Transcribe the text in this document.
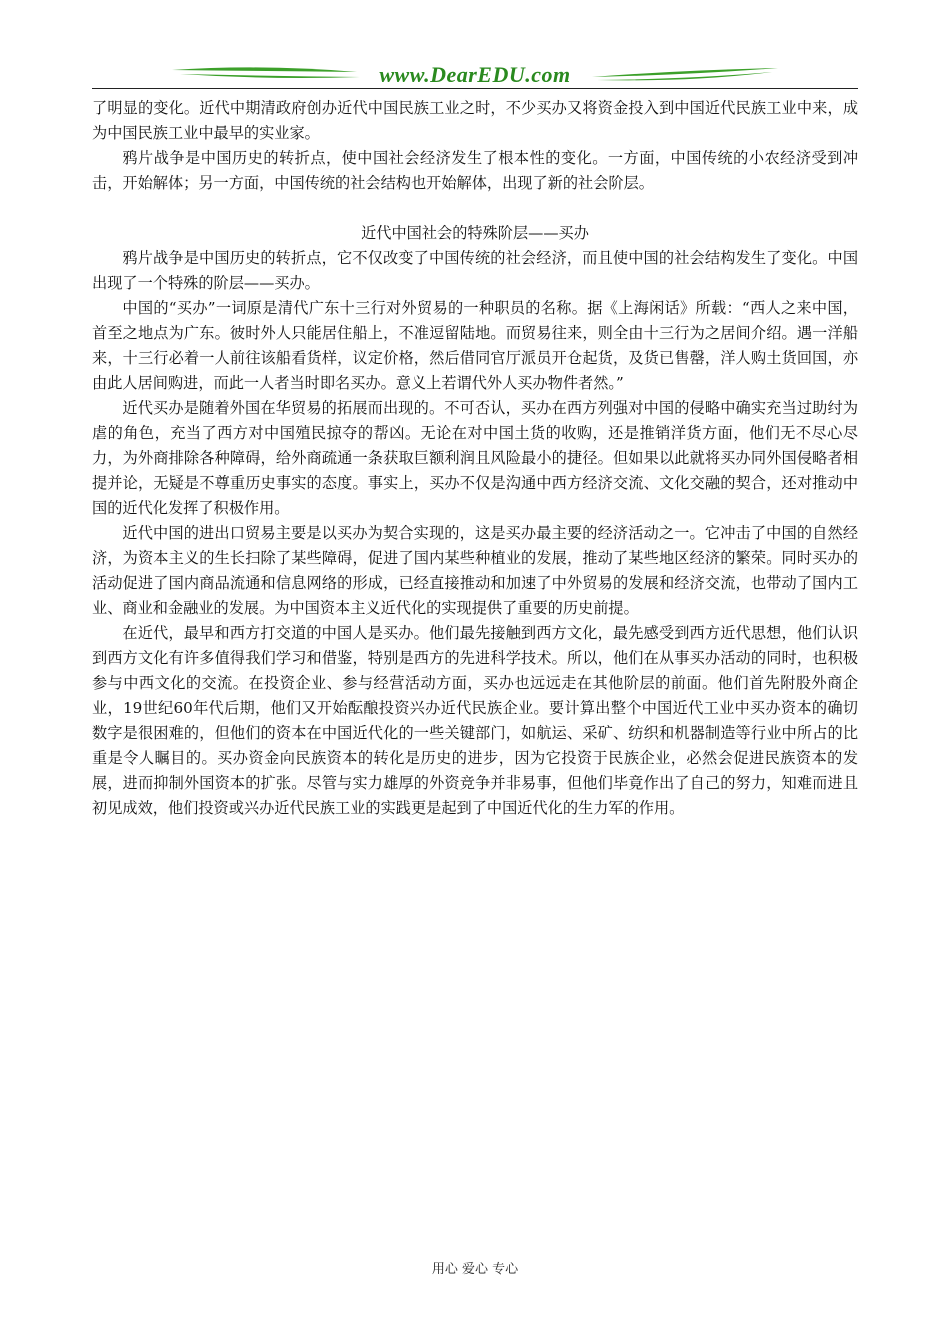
www.DearEDU.com

了明显的变化。近代中期清政府创办近代中国民族工业之时，不少买办又将资金投入到中国近代民族工业中来，成为中国民族工业中最早的实业家。

鸦片战争是中国历史的转折点，使中国社会经济发生了根本性的变化。一方面，中国传统的小农经济受到冲击，开始解体；另一方面，中国传统的社会结构也开始解体，出现了新的社会阶层。

近代中国社会的特殊阶层——买办

鸦片战争是中国历史的转折点，它不仅改变了中国传统的社会经济，而且使中国的社会结构发生了变化。中国出现了一个特殊的阶层——买办。

中国的“买办”一词原是清代广东十三行对外贸易的一种职员的名称。据《上海闲话》所载：“西人之来中国，首至之地点为广东。彼时外人只能居住船上，不准逗留陆地。而贸易往来，则全由十三行为之居间介绍。遇一洋船来，十三行必着一人前往该船看货样，议定价格，然后借同官厅派员开仓起货，及货已售罄，洋人购土货回国，亦由此人居间购进，而此一人者当时即名买办。意义上若谓代外人买办物件者然。”

近代买办是随着外国在华贸易的拓展而出现的。不可否认，买办在西方列强对中国的侵略中确实充当过助纣为虐的角色，充当了西方对中国殖民掠夺的帮凶。无论在对中国土货的收购，还是推销洋货方面，他们无不尽心尽力，为外商排除各种障碍，给外商疏通一条获取巨额利润且风险最小的捷径。但如果以此就将买办同外国侵略者相提并论，无疑是不尊重历史事实的态度。事实上，买办不仅是沟通中西方经济交流、文化交融的契合，还对推动中国的近代化发挥了积极作用。

近代中国的进出口贸易主要是以买办为契合实现的，这是买办最主要的经济活动之一。它冲击了中国的自然经济，为资本主义的生长扫除了某些障碍，促进了国内某些种植业的发展，推动了某些地区经济的繁荣。同时买办的活动促进了国内商品流通和信息网络的形成，已经直接推动和加速了中外贸易的发展和经济交流，也带动了国内工业、商业和金融业的发展。为中国资本主义近代化的实现提供了重要的历史前提。

在近代，最早和西方打交道的中国人是买办。他们最先接触到西方文化，最先感受到西方近代思想，他们认识到西方文化有许多值得我们学习和借鉴，特别是西方的先进科学技术。所以，他们在从事买办活动的同时，也积极参与中西文化的交流。在投资企业、参与经营活动方面，买办也远远走在其他阶层的前面。他们首先附股外商企业，19世纪60年代后期，他们又开始酝酿投资兴办近代民族企业。要计算出整个中国近代工业中买办资本的确切数字是很困难的，但他们的资本在中国近代化的一些关键部门，如航运、采矿、纺织和机器制造等行业中所占的比重是令人瞩目的。买办资金向民族资本的转化是历史的进步，因为它投资于民族企业，必然会促进民族资本的发展，进而抑制外国资本的扩张。尽管与实力雄厚的外资竞争并非易事，但他们毕竟作出了自己的努力，知难而进且初见成效，他们投资或兴办近代民族工业的实践更是起到了中国近代化的生力军的作用。

用心 爱心 专心
